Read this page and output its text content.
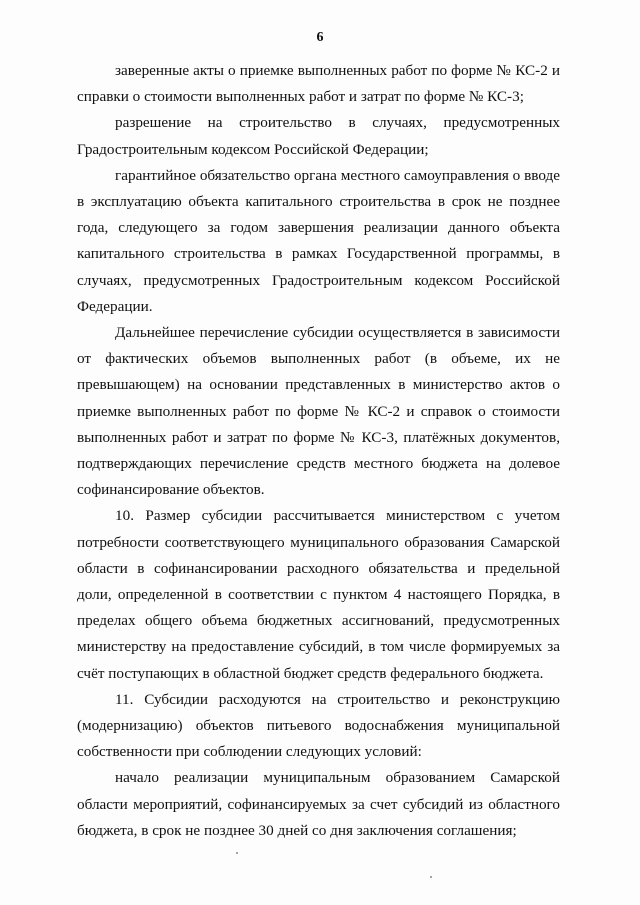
6

заверенные акты о приемке выполненных работ по форме № КС-2 и справки о стоимости выполненных работ и затрат по форме № КС-3;

разрешение на строительство в случаях, предусмотренных Градостроительным кодексом Российской Федерации;

гарантийное обязательство органа местного самоуправления о вводе в эксплуатацию объекта капитального строительства в срок не позднее года, следующего за годом завершения реализации данного объекта капитального строительства в рамках Государственной программы, в случаях, предусмотренных Градостроительным кодексом Российской Федерации.

Дальнейшее перечисление субсидии осуществляется в зависимости от фактических объемов выполненных работ (в объеме, их не превышающем) на основании представленных в министерство актов о приемке выполненных работ по форме № КС-2 и справок о стоимости выполненных работ и затрат по форме № КС-3, платёжных документов, подтверждающих перечисление средств местного бюджета на долевое софинансирование объектов.

10. Размер субсидии рассчитывается министерством с учетом потребности соответствующего муниципального образования Самарской области в софинансировании расходного обязательства и предельной доли, определенной в соответствии с пунктом 4 настоящего Порядка, в пределах общего объема бюджетных ассигнований, предусмотренных министерству на предоставление субсидий, в том числе формируемых за счёт поступающих в областной бюджет средств федерального бюджета.

11. Субсидии расходуются на строительство и реконструкцию (модернизацию) объектов питьевого водоснабжения муниципальной собственности при соблюдении следующих условий:

начало реализации муниципальным образованием Самарской области мероприятий, софинансируемых за счет субсидий из областного бюджета, в срок не позднее 30 дней со дня заключения соглашения;
